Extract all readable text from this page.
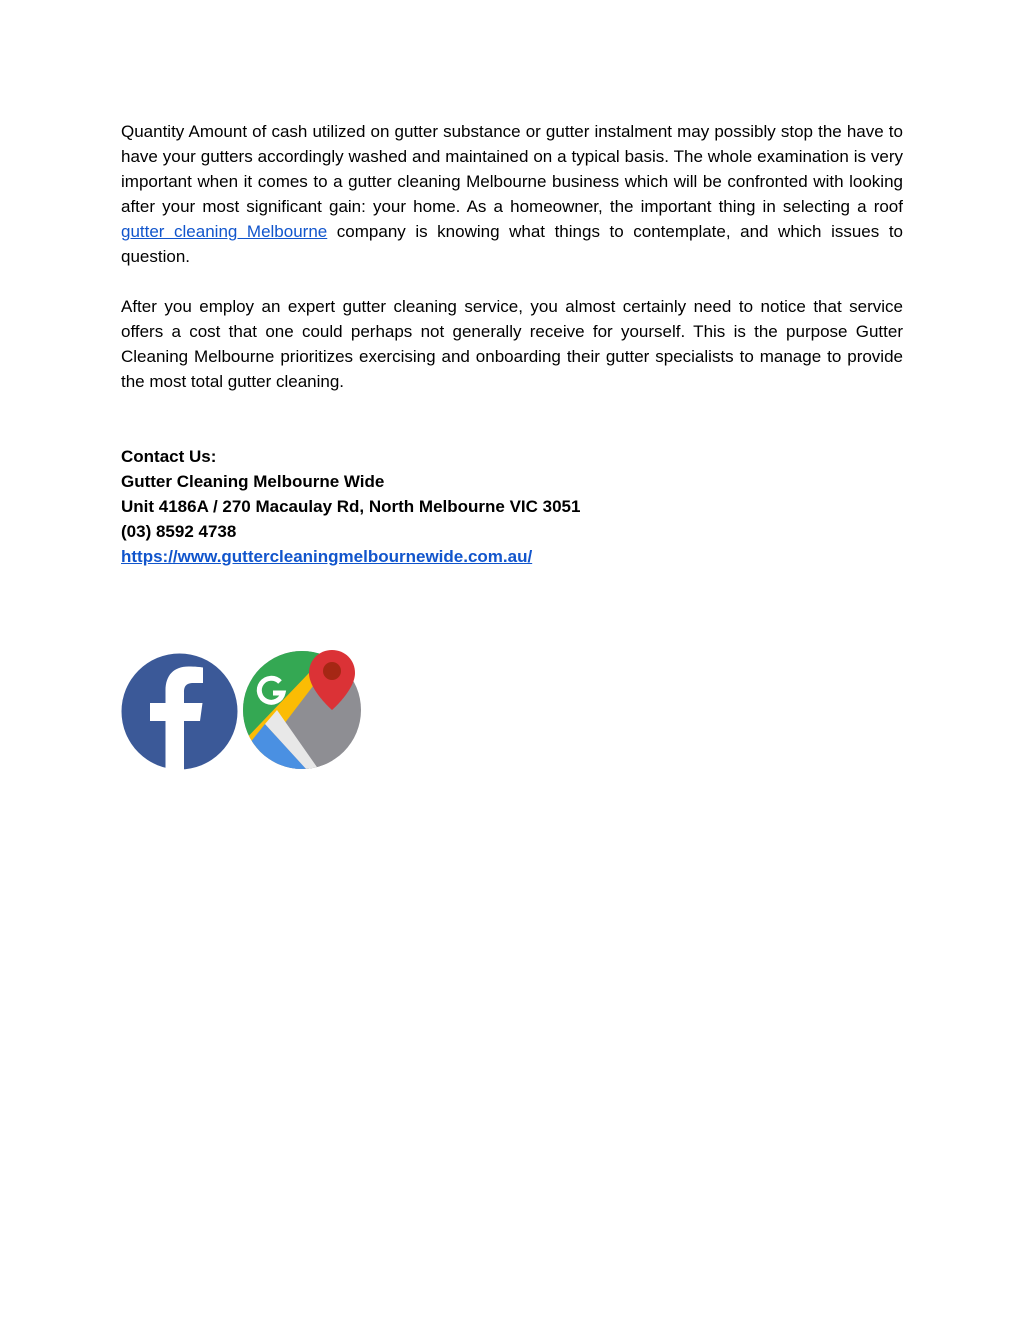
Quantity Amount of cash utilized on gutter substance or gutter instalment may possibly stop the have to have your gutters accordingly washed and maintained on a typical basis. The whole examination is very important when it comes to a gutter cleaning Melbourne business which will be confronted with looking after your most significant gain: your home. As a homeowner, the important thing in selecting a roof gutter cleaning Melbourne company is knowing what things to contemplate, and which issues to question.

After you employ an expert gutter cleaning service, you almost certainly need to notice that service offers a cost that one could perhaps not generally receive for yourself. This is the purpose Gutter Cleaning Melbourne prioritizes exercising and onboarding their gutter specialists to manage to provide the most total gutter cleaning.

Contact Us:
Gutter Cleaning Melbourne Wide
Unit 4186A / 270 Macaulay Rd, North Melbourne VIC 3051
(03) 8592 4738
https://www.guttercleaningmelbournewide.com.au/
